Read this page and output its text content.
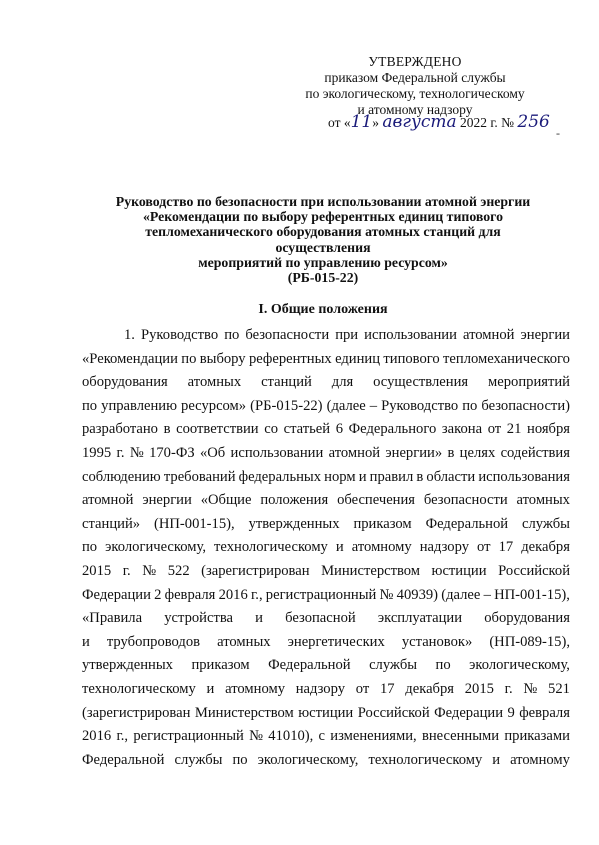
УТВЕРЖДЕНО
приказом Федеральной службы
по экологическому, технологическому
и атомному надзору
от «11» августа 2022 г. № 256
-
Руководство по безопасности при использовании атомной энергии
«Рекомендации по выбору референтных единиц типового
тепломеханического оборудования атомных станций для осуществления
мероприятий по управлению ресурсом»
(РБ-015-22)
I. Общие положения
1. Руководство по безопасности при использовании атомной энергии
«Рекомендации по выбору референтных единиц типового тепломеханического
оборудования атомных станций для осуществления мероприятий
по управлению ресурсом» (РБ-015-22) (далее – Руководство по безопасности)
разработано в соответствии со статьей 6 Федерального закона от 21 ноября
1995 г. № 170-ФЗ «Об использовании атомной энергии» в целях содействия
соблюдению требований федеральных норм и правил в области использования
атомной энергии «Общие положения обеспечения безопасности атомных
станций» (НП-001-15), утвержденных приказом Федеральной службы
по экологическому, технологическому и атомному надзору от 17 декабря
2015 г. № 522 (зарегистрирован Министерством юстиции Российской
Федерации 2 февраля 2016 г., регистрационный № 40939) (далее – НП-001-15),
«Правила устройства и безопасной эксплуатации оборудования
и трубопроводов атомных энергетических установок» (НП-089-15),
утвержденных приказом Федеральной службы по экологическому,
технологическому и атомному надзору от 17 декабря 2015 г. № 521
(зарегистрирован Министерством юстиции Российской Федерации 9 февраля
2016 г., регистрационный № 41010), с изменениями, внесенными приказами
Федеральной службы по экологическому, технологическому и атомному
